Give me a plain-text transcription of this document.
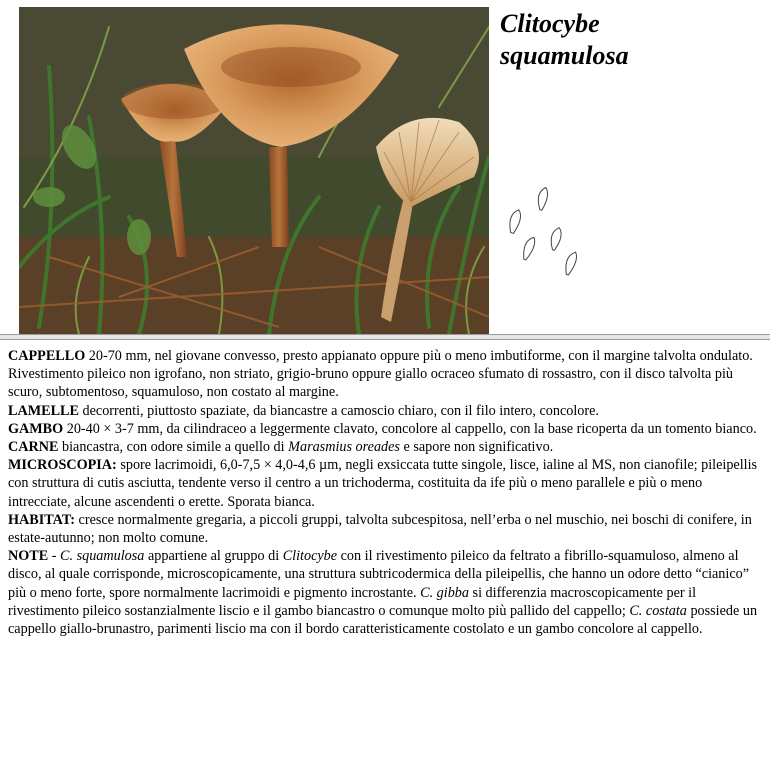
Clitocybe
squamulosa

CAPPELLO 20-70 mm, nel giovane convesso, presto appianato oppure più o meno imbutiforme, con il margine talvolta ondulato. Rivestimento pileico non igrofano, non striato, grigio-bruno oppure giallo ocraceo sfumato di rossastro, con il disco talvolta più scuro, subtomentoso, squamuloso, non costato al margine.

LAMELLE decorrenti, piuttosto spaziate, da biancastre a camoscio chiaro, con il filo intero, concolore.

GAMBO 20-40 × 3-7 mm, da cilindraceo a leggermente clavato, concolore al cappello, con la base ricoperta da un tomento bianco.

CARNE biancastra, con odore simile a quello di Marasmius oreades e sapore non significativo.

MICROSCOPIA: spore lacrimoidi, 6,0-7,5 × 4,0-4,6 µm, negli exsiccata tutte singole, lisce, ialine al MS, non cianofile; pileipellis con struttura di cutis asciutta, tendente verso il centro a un trichoderma, costituita da ife più o meno parallele e più o meno intrecciate, alcune ascendenti o erette. Sporata bianca.

HABITAT: cresce normalmente gregaria, a piccoli gruppi, talvolta subcespitosa, nell’erba o nel muschio, nei boschi di conifere, in estate-autunno; non molto comune.

NOTE - C. squamulosa appartiene al gruppo di Clitocybe con il rivestimento pileico da feltrato a fibrillo-squamuloso, almeno al disco, al quale corrisponde, microscopicamente, una struttura subtricodermica della pileipellis, che hanno un odore detto “cianico” più o meno forte, spore normalmente lacrimoidi e pigmento incrostante. C. gibba si differenzia macroscopicamente per il rivestimento pileico sostanzialmente liscio e il gambo biancastro o comunque molto più pallido del cappello; C. costata possiede un cappello giallo-brunastro, parimenti liscio ma con il bordo caratteristicamente costolato e un gambo concolore al cappello.
